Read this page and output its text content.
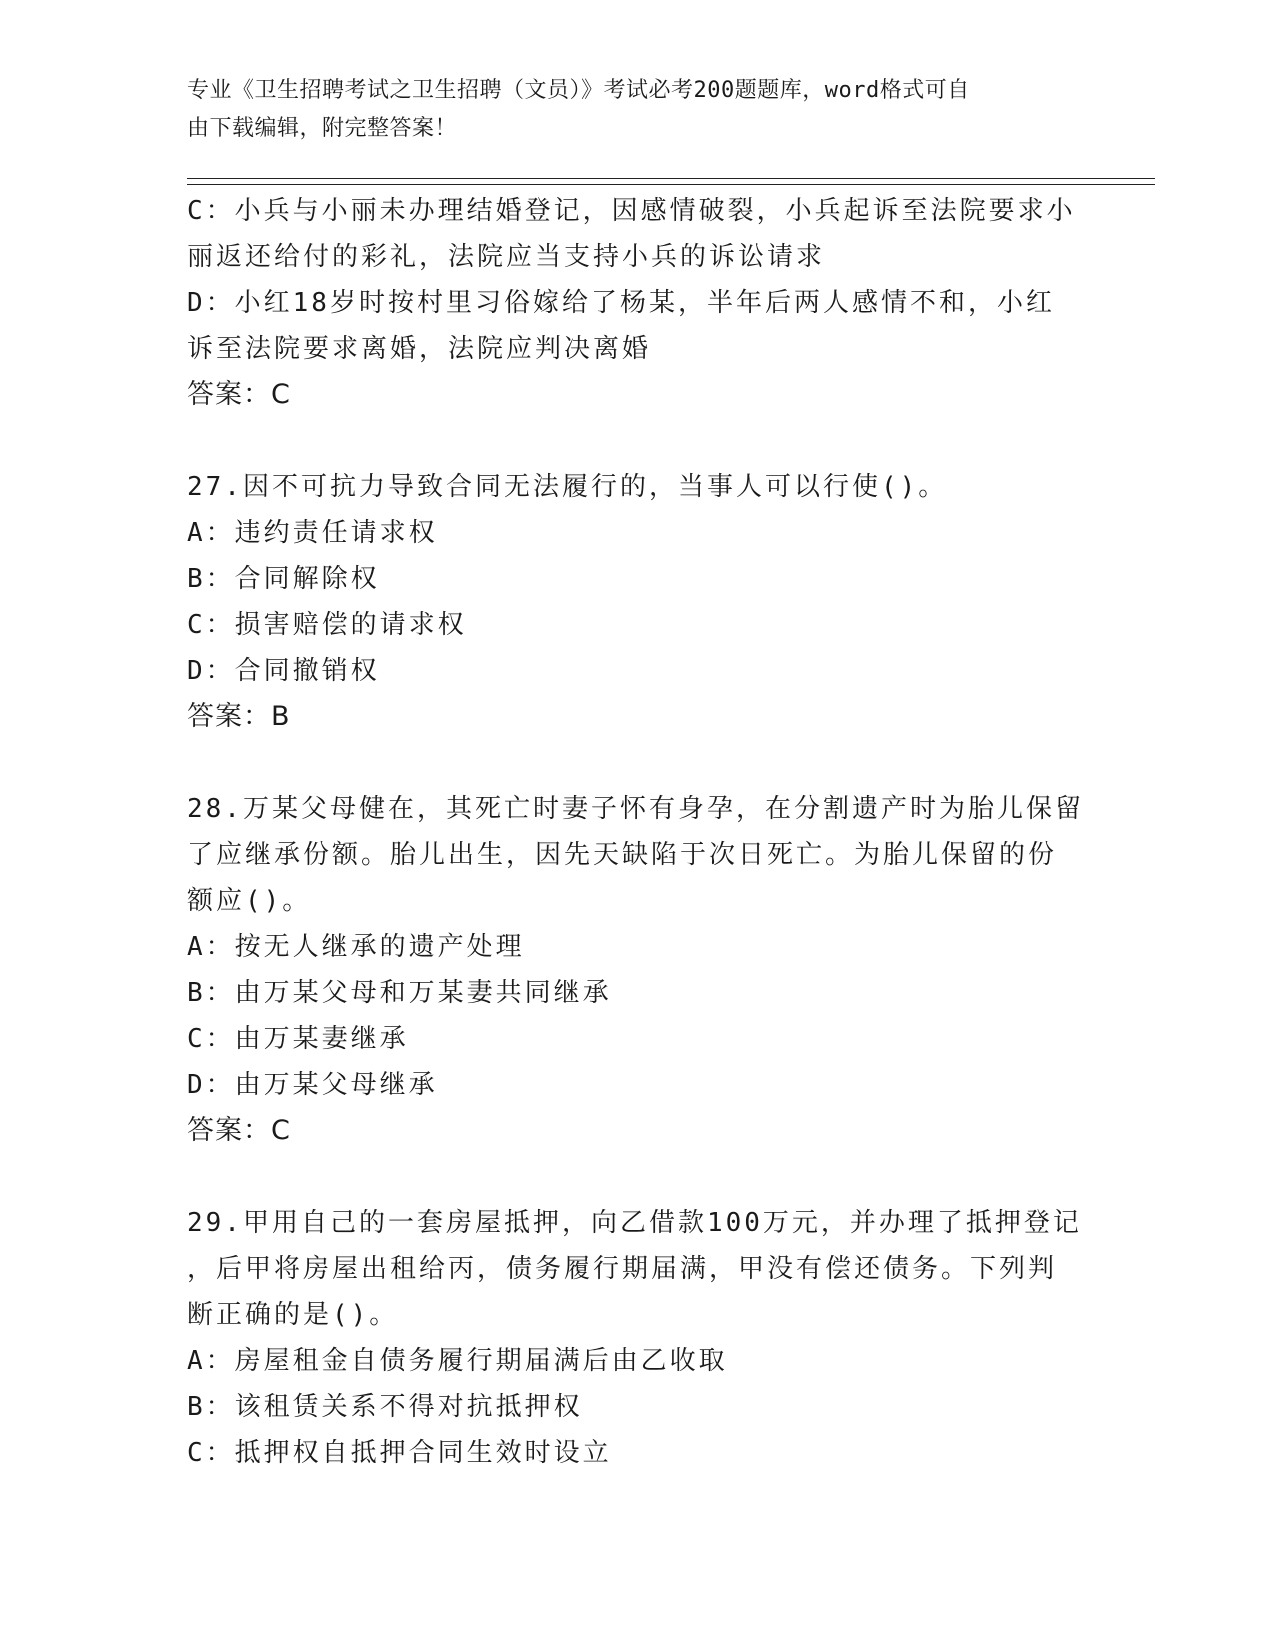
专业《卫生招聘考试之卫生招聘（文员）》考试必考200题题库，word格式可自
由下载编辑，附完整答案！
C：小兵与小丽未办理结婚登记，因感情破裂，小兵起诉至法院要求小
丽返还给付的彩礼，法院应当支持小兵的诉讼请求
D：小红18岁时按村里习俗嫁给了杨某，半年后两人感情不和，小红
诉至法院要求离婚，法院应判决离婚
答案：C
27.因不可抗力导致合同无法履行的，当事人可以行使()。
A：违约责任请求权
B：合同解除权
C：损害赔偿的请求权
D：合同撤销权
答案：B
28.万某父母健在，其死亡时妻子怀有身孕，在分割遗产时为胎儿保留
了应继承份额。胎儿出生，因先天缺陷于次日死亡。为胎儿保留的份
额应()。
A：按无人继承的遗产处理
B：由万某父母和万某妻共同继承
C：由万某妻继承
D：由万某父母继承
答案：C
29.甲用自己的一套房屋抵押，向乙借款100万元，并办理了抵押登记
，后甲将房屋出租给丙，债务履行期届满，甲没有偿还债务。下列判
断正确的是()。
A：房屋租金自债务履行期届满后由乙收取
B：该租赁关系不得对抗抵押权
C：抵押权自抵押合同生效时设立
